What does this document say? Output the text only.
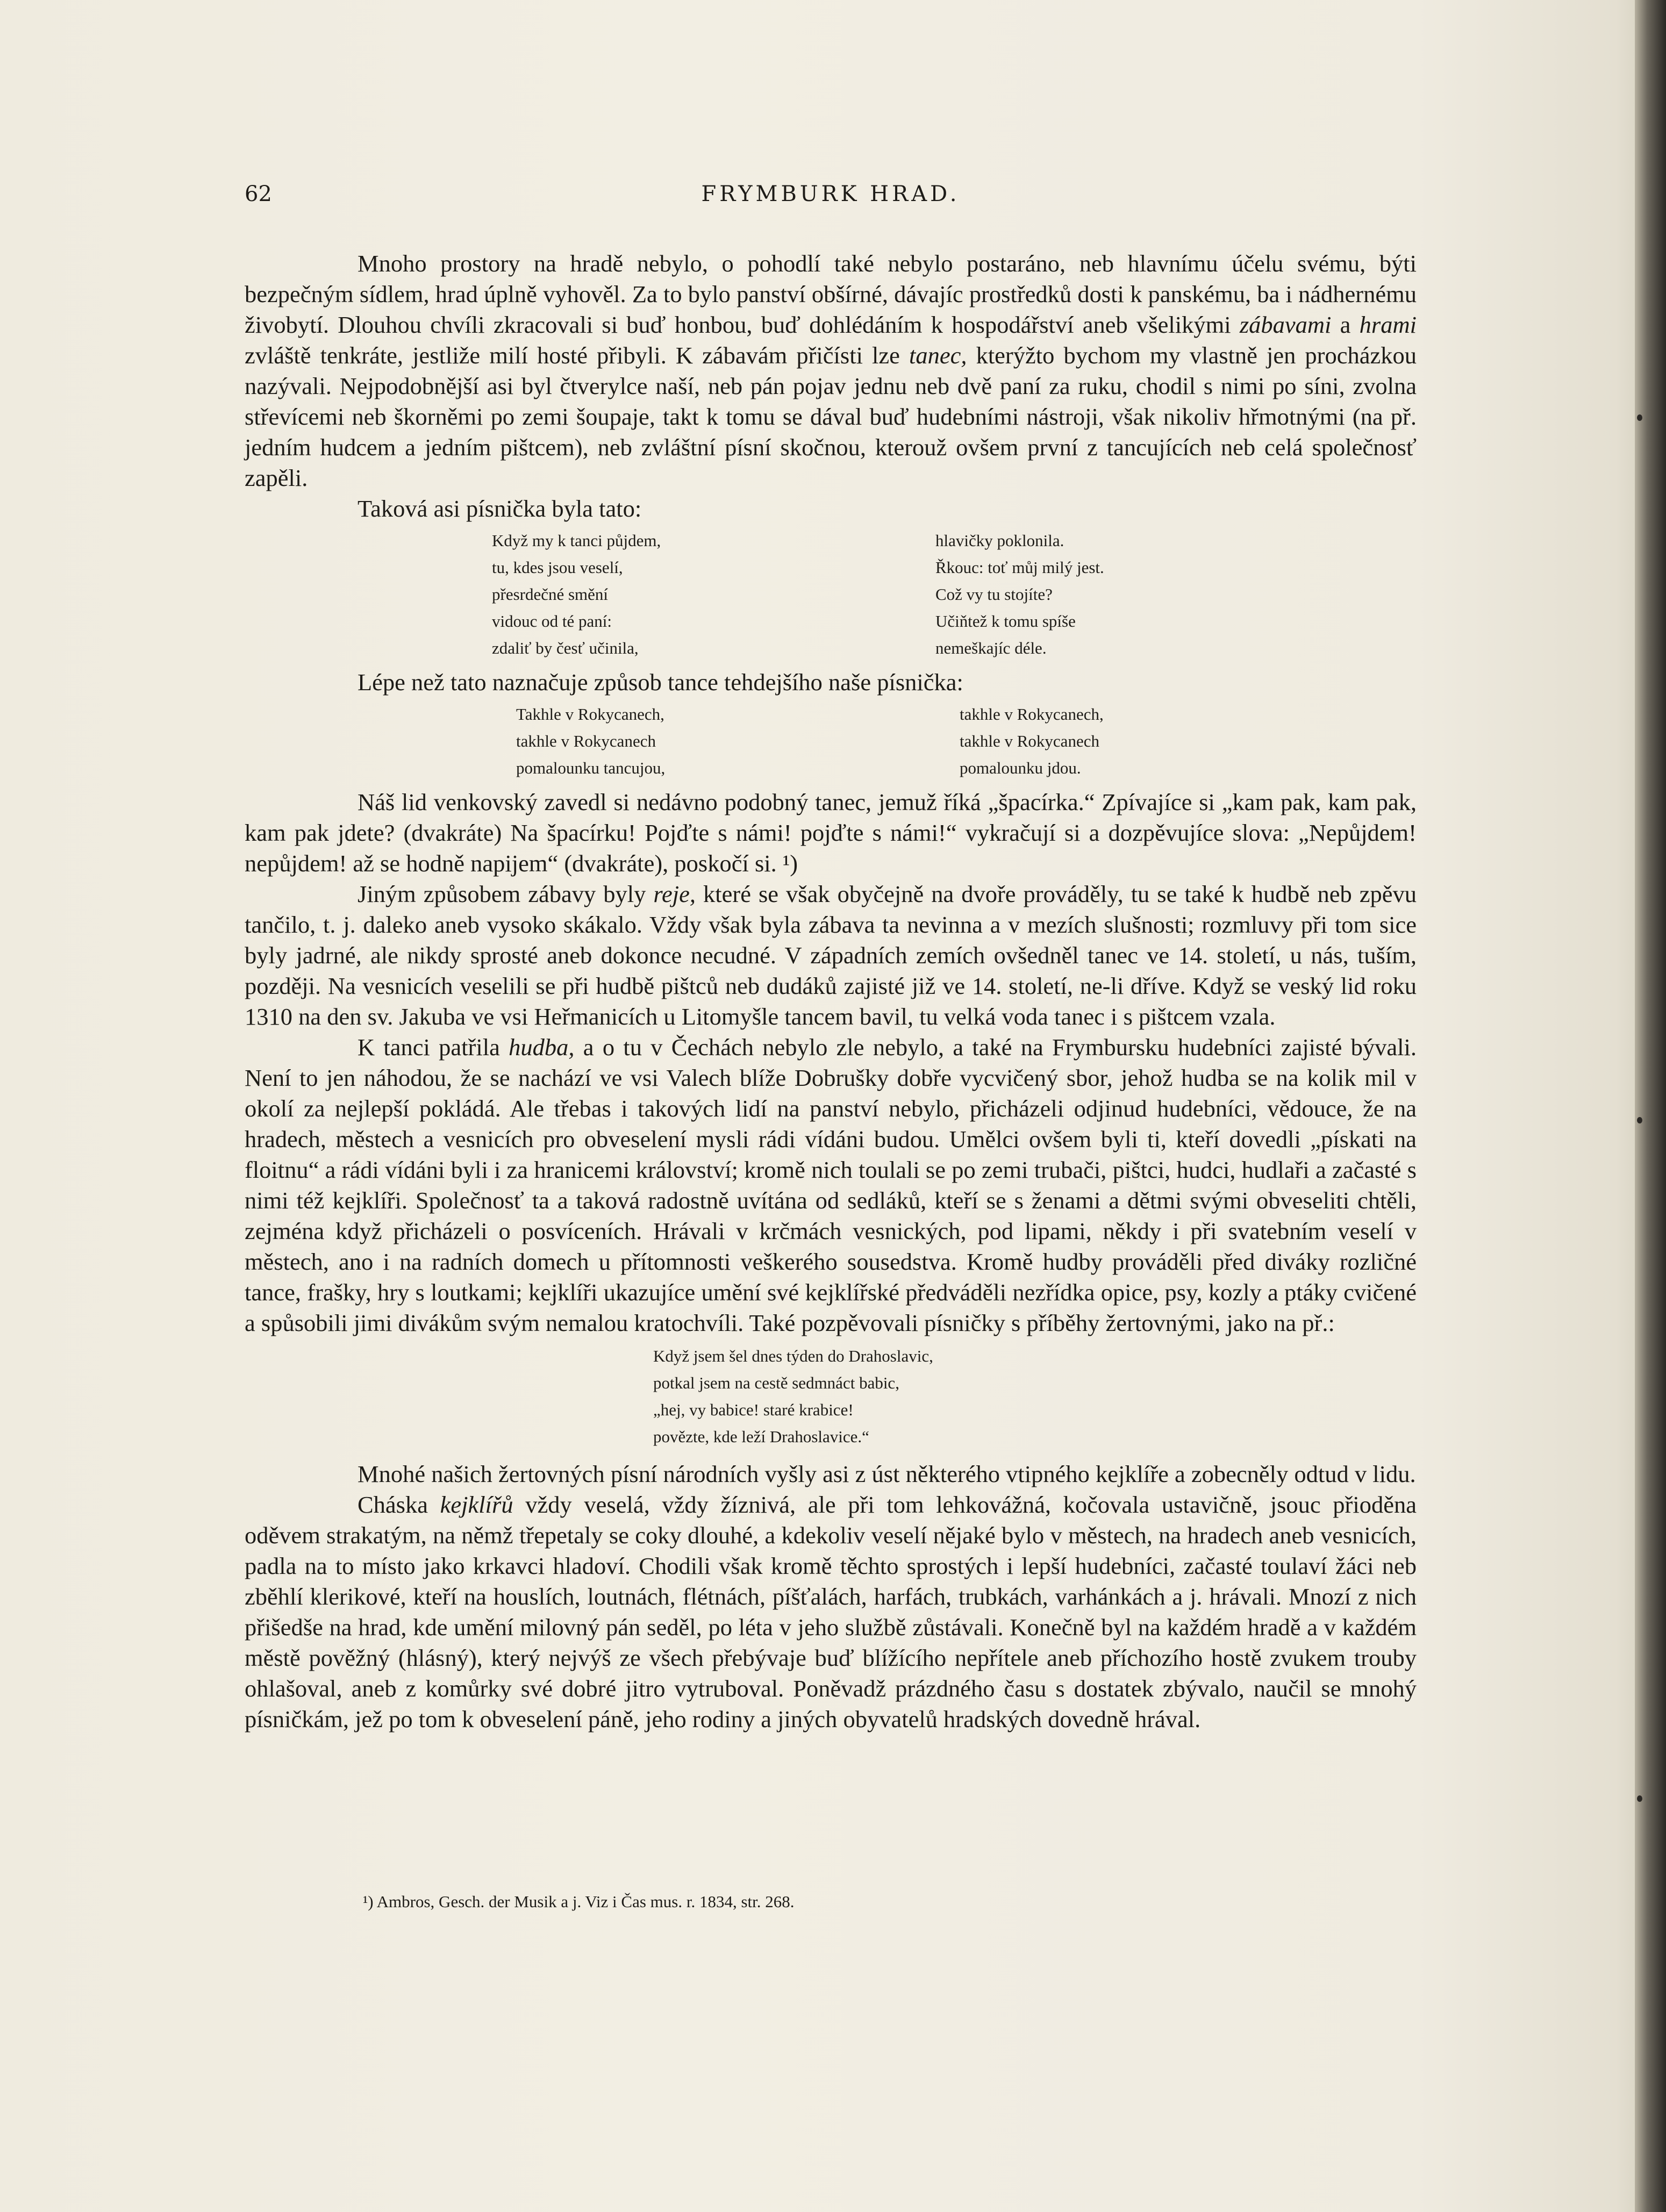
62	FRYMBURK HRAD.

Mnoho prostory na hradě nebylo, o pohodlí také nebylo postaráno, neb hlavnímu účelu svému, býti bezpečným sídlem, hrad úplně vyhověl. Za to bylo panství obšírné, dávajíc prostředků dosti k panskému, ba i nádhernému živobytí. Dlouhou chvíli zkracovali si buď honbou, buď dohlédáním k hospodářství aneb všelikými zábavami a hrami zvláště tenkráte, jestliže milí hosté přibyli. K zábavám přičísti lze tanec, kterýžto bychom my vlastně jen procházkou nazývali. Nejpodobnější asi byl čtverylce naší, neb pán pojav jednu neb dvě paní za ruku, chodil s nimi po síni, zvolna střevícemi neb škorněmi po zemi šoupaje, takt k tomu se dával buď hudebními nástroji, však nikoliv hřmotnými (na př. jedním hudcem a jedním pištcem), neb zvláštní písní skočnou, kterouž ovšem první z tancujících neb celá společnosť zapěli.

Taková asi písnička byla tato:

Když my k tanci půjdem,
tu, kdes jsou veselí,
přesrdečné smění
vidouc od té paní:
zdaliť by česť učinila,
hlavičky poklonila.
Řkouc: toť můj milý jest.
Což vy tu stojíte?
Učiňtež k tomu spíše
nemeškajíc déle.

Lépe než tato naznačuje způsob tance tehdejšího naše písnička:

Takhle v Rokycanech,
takhle v Rokycanech
pomalounku tancujou,
takhle v Rokycanech,
takhle v Rokycanech
pomalounku jdou.

Náš lid venkovský zavedl si nedávno podobný tanec, jemuž říká „špacírka.“ Zpívajíce si „kam pak, kam pak, kam pak jdete? (dvakráte) Na špacírku! Pojďte s námi! pojďte s námi!“ vykračují si a dozpěvujíce slova: „Nepůjdem! nepůjdem! až se hodně napijem“ (dvakráte), poskočí si. ¹)

Jiným způsobem zábavy byly reje, které se však obyčejně na dvoře prováděly, tu se také k hudbě neb zpěvu tančilo, t. j. daleko aneb vysoko skákalo. Vždy však byla zábava ta nevinna a v mezích slušnosti; rozmluvy při tom sice byly jadrné, ale nikdy sprosté aneb dokonce necudné. V západních zemích ovšedněl tanec ve 14. století, u nás, tuším, později. Na vesnicích veselili se při hudbě pištců neb dudáků zajisté již ve 14. století, ne-li dříve. Když se veský lid roku 1310 na den sv. Jakuba ve vsi Heřmanicích u Litomyšle tancem bavil, tu velká voda tanec i s pištcem vzala.

K tanci patřila hudba, a o tu v Čechách nebylo zle nebylo, a také na Frymbursku hudebníci zajisté bývali. Není to jen náhodou, že se nachází ve vsi Valech blíže Dobrušky dobře vycvičený sbor, jehož hudba se na kolik mil v okolí za nejlepší pokládá. Ale třebas i takových lidí na panství nebylo, přicházeli odjinud hudebníci, vědouce, že na hradech, městech a vesnicích pro obveselení mysli rádi vídáni budou. Umělci ovšem byli ti, kteří dovedli „pískati na floitnu“ a rádi vídáni byli i za hranicemi království; kromě nich toulali se po zemi trubači, pištci, hudci, hudlaři a začasté s nimi též kejklíři. Společnosť ta a taková radostně uvítána od sedláků, kteří se s ženami a dětmi svými obveseliti chtěli, zejména když přicházeli o posvíceních. Hrávali v krčmách vesnických, pod lipami, někdy i při svatebním veselí v městech, ano i na radních domech u přítomnosti veškerého sousedstva. Kromě hudby prováděli před diváky rozličné tance, frašky, hry s loutkami; kejklíři ukazujíce umění své kejklířské předváděli nezřídka opice, psy, kozly a ptáky cvičené a spůsobili jimi divákům svým nemalou kratochvíli. Také pozpěvovali písničky s příběhy žertovnými, jako na př.:

Když jsem šel dnes týden do Drahoslavic,
potkal jsem na cestě sedmnáct babic,
„hej, vy babice! staré krabice!
povězte, kde leží Drahoslavice.“

Mnohé našich žertovných písní národních vyšly asi z úst některého vtipného kejklíře a zobecněly odtud v lidu.

Cháska kejklířů vždy veselá, vždy žíznivá, ale při tom lehkovážná, kočovala ustavičně, jsouc přioděna oděvem strakatým, na němž třepetaly se coky dlouhé, a kdekoliv veselí nějaké bylo v městech, na hradech aneb vesnicích, padla na to místo jako krkavci hladoví. Chodili však kromě těchto sprostých i lepší hudebníci, začasté toulaví žáci neb zběhlí klerikové, kteří na houslích, loutnách, flétnách, píšťalách, harfách, trubkách, varhánkách a j. hrávali. Mnozí z nich přišedše na hrad, kde umění milovný pán seděl, po léta v jeho službě zůstávali. Konečně byl na každém hradě a v každém městě pověžný (hlásný), který nejvýš ze všech přebývaje buď blížícího nepřítele aneb příchozího hostě zvukem trouby ohlašoval, aneb z komůrky své dobré jitro vytruboval. Poněvadž prázdného času s dostatek zbývalo, naučil se mnohý písničkám, jež po tom k obveselení páně, jeho rodiny a jiných obyvatelů hradských dovedně hrával.

¹) Ambros, Gesch. der Musik a j. Viz i Čas mus. r. 1834, str. 268.
